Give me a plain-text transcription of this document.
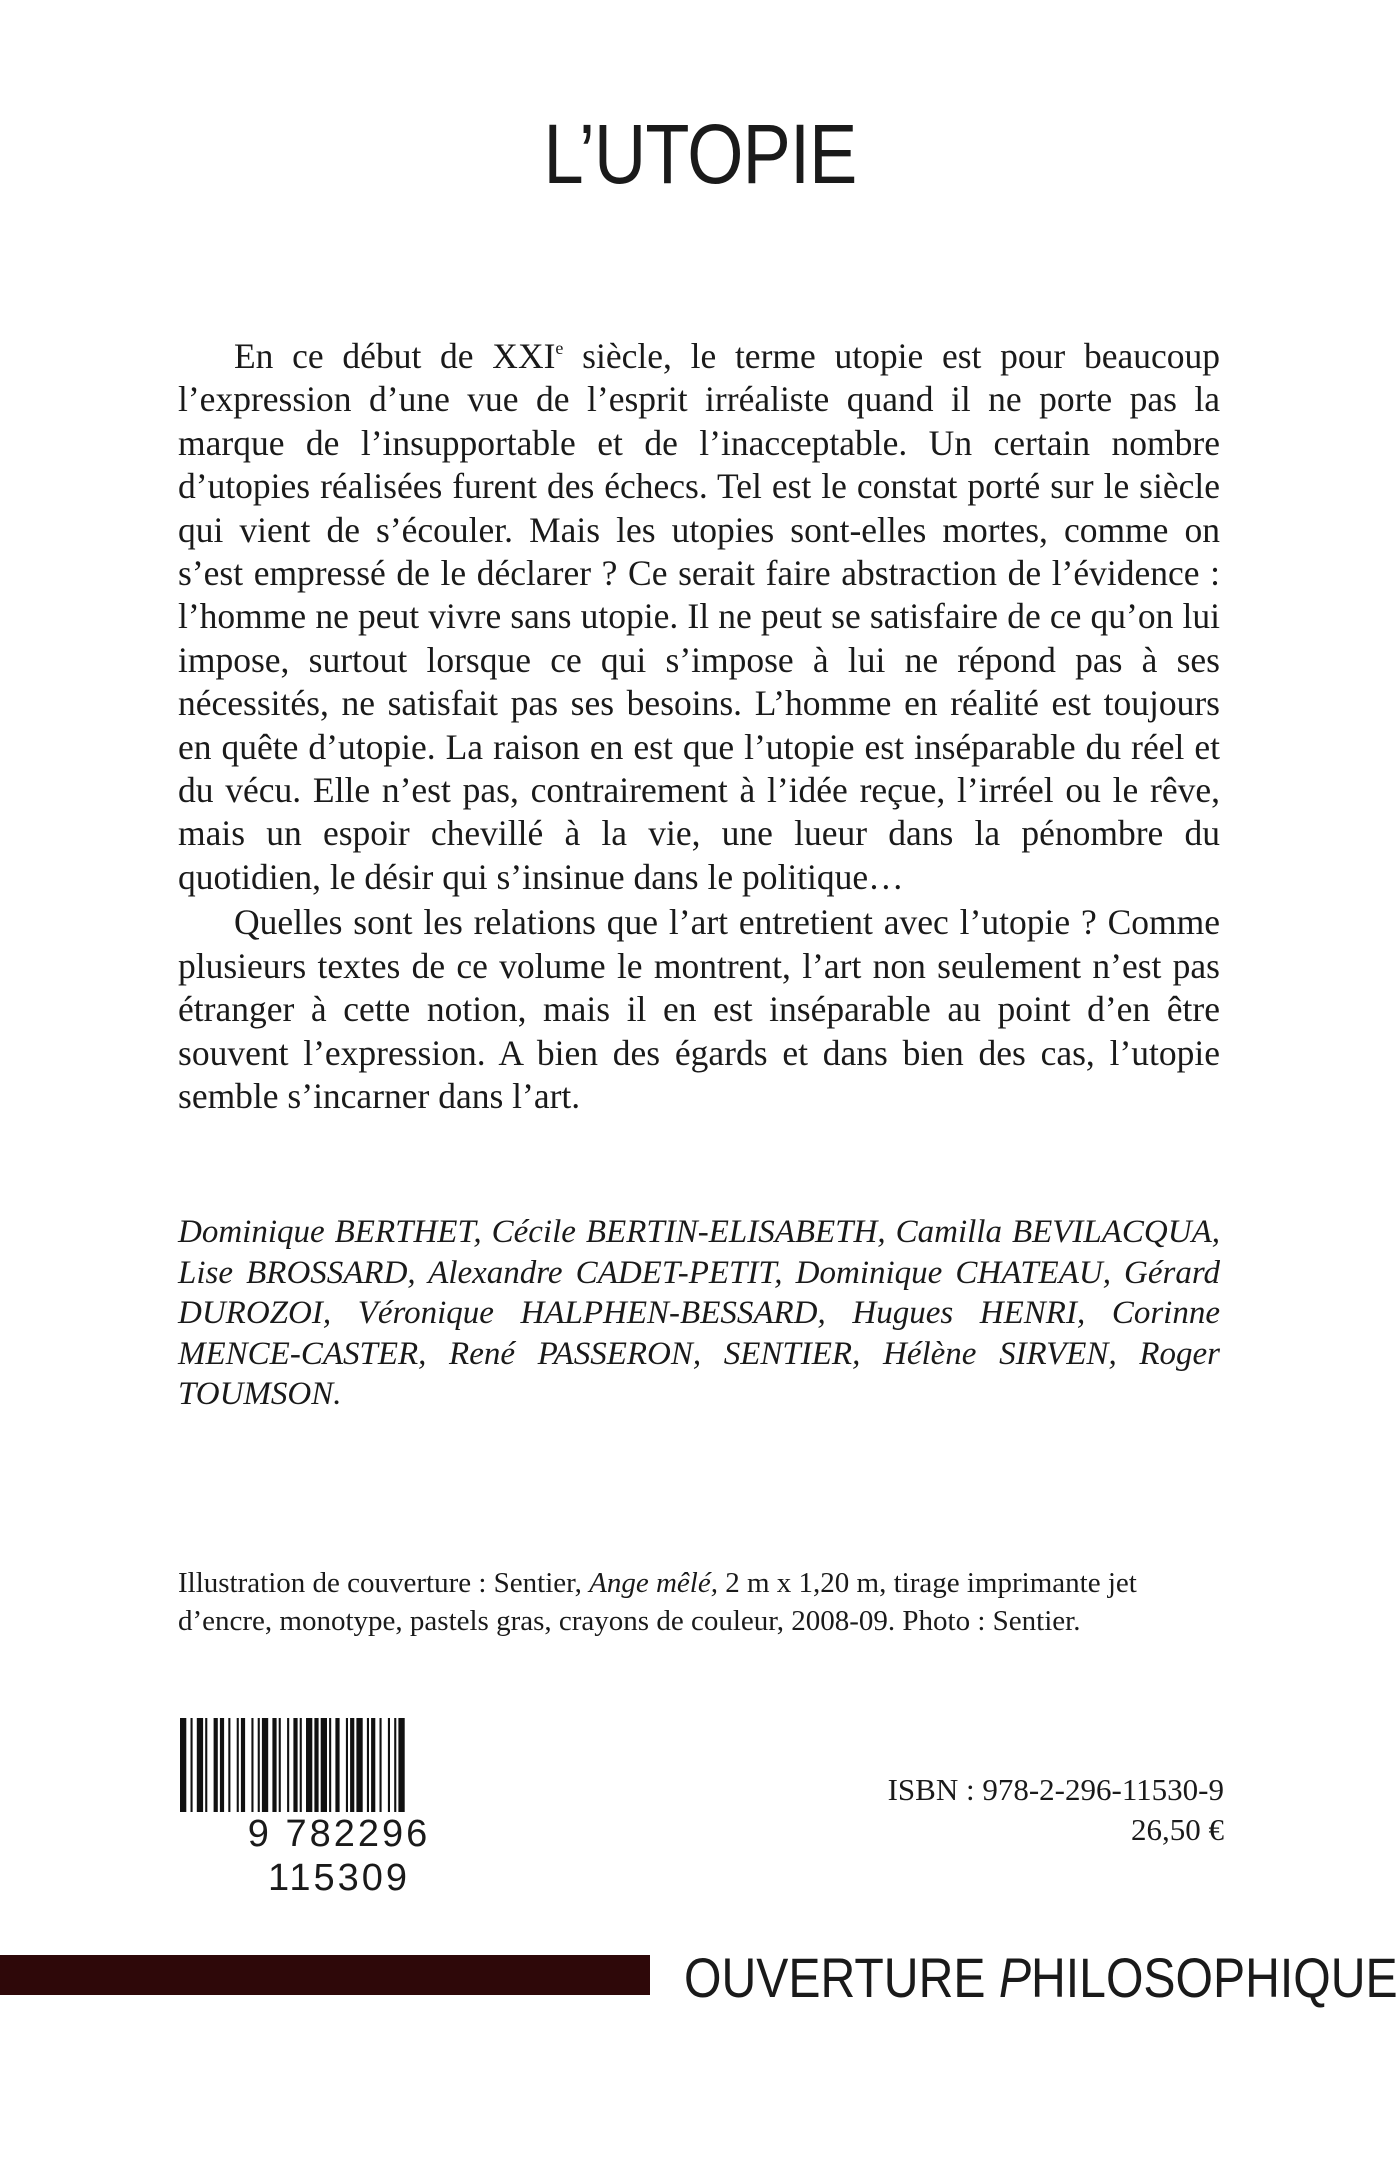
L’UTOPIE

En ce début de XXIe siècle, le terme utopie est pour beaucoup l’expression d’une vue de l’esprit irréaliste quand il ne porte pas la marque de l’insupportable et de l’inacceptable. Un certain nombre d’utopies réalisées furent des échecs. Tel est le constat porté sur le siècle qui vient de s’écouler. Mais les utopies sont-elles mortes, comme on s’est empressé de le déclarer ? Ce serait faire abstraction de l’évidence : l’homme ne peut vivre sans utopie. Il ne peut se satisfaire de ce qu’on lui impose, surtout lorsque ce qui s’impose à lui ne répond pas à ses nécessités, ne satisfait pas ses besoins. L’homme en réalité est toujours en quête d’utopie. La raison en est que l’utopie est inséparable du réel et du vécu. Elle n’est pas, contrairement à l’idée reçue, l’irréel ou le rêve, mais un espoir chevillé à la vie, une lueur dans la pénombre du quotidien, le désir qui s’insinue dans le politique…

Quelles sont les relations que l’art entretient avec l’utopie ? Comme plusieurs textes de ce volume le montrent, l’art non seulement n’est pas étranger à cette notion, mais il en est inséparable au point d’en être souvent l’expression. A bien des égards et dans bien des cas, l’utopie semble s’incarner dans l’art.

Dominique BERTHET, Cécile BERTIN-ELISABETH, Camilla BEVILACQUA, Lise BROSSARD, Alexandre CADET-PETIT, Dominique CHATEAU, Gérard DUROZOI, Véronique HALPHEN-BESSARD, Hugues HENRI, Corinne MENCE-CASTER, René PASSERON, SENTIER, Hélène SIRVEN, Roger TOUMSON.

Illustration de couverture : Sentier, Ange mêlé, 2 m x 1,20 m, tirage imprimante jet d’encre, monotype, pastels gras, crayons de couleur, 2008-09. Photo : Sentier.

9 782296 115309

ISBN : 978-2-296-11530-9

26,50 €

OUVERTURE PHILOSOPHIQUE
